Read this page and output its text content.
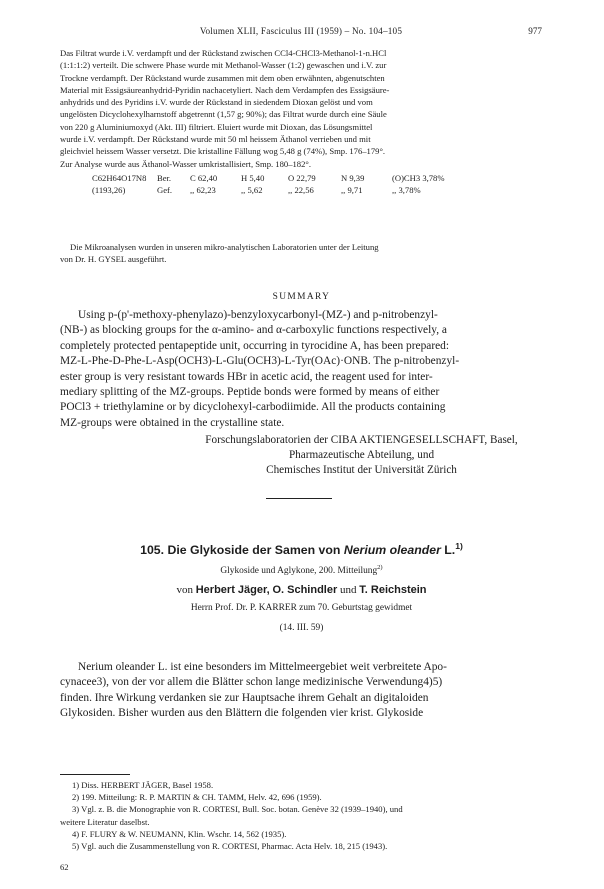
Volumen XLII, Fasciculus III (1959) – No. 104–105	977

Das Filtrat wurde i.V. verdampft und der Rückstand zwischen CCl4-CHCl3-Methanol-1-n.HCl

(1:1:1:2) verteilt. Die schwere Phase wurde mit Methanol-Wasser (1:2) gewaschen und i.V. zur

Trockne verdampft. Der Rückstand wurde zusammen mit dem oben erwähnten, abgenutschten

Material mit Essigsäureanhydrid-Pyridin nachacetyliert. Nach dem Verdampfen des Essigsäure-

anhydrids und des Pyridins i.V. wurde der Rückstand in siedendem Dioxan gelöst und vom

ungelösten Dicyclohexylharnstoff abgetrennt (1,57 g; 90%); das Filtrat wurde durch eine Säule

von 220 g Aluminiumoxyd (Akt. III) filtriert. Eluiert wurde mit Dioxan, das Lösungsmittel

wurde i.V. verdampft. Der Rückstand wurde mit 50 ml heissem Äthanol verrieben und mit

gleichviel heissem Wasser versetzt. Die kristalline Fällung wog 5,48 g (74%), Smp. 176–179°.

Zur Analyse wurde aus Äthanol-Wasser umkristallisiert, Smp. 180–182°.

C62H64O17N8	Ber.	C 62,40	H 5,40	O 22,79	N 9,39	(O)CH3 3,78%
(1193,26)	Gef.	,, 62,23	,, 5,62	,, 22,56	,, 9,71	,, 3,78%

Die Mikroanalysen wurden in unseren mikro-analytischen Laboratorien unter der Leitung

von Dr. H. GYSEL ausgeführt.

SUMMARY

Using p-(p'-methoxy-phenylazo)-benzyloxycarbonyl-(MZ-) and p-nitrobenzyl-

(NB-) as blocking groups for the α-amino- and α-carboxylic functions respectively, a

completely protected pentapeptide unit, occurring in tyrocidine A, has been prepared:

MZ-L-Phe-D-Phe-L-Asp(OCH3)-L-Glu(OCH3)-L-Tyr(OAc)·ONB. The p-nitrobenzyl-

ester group is very resistant towards HBr in acetic acid, the reagent used for inter-

mediary splitting of the MZ-groups. Peptide bonds were formed by means of either

POCl3 + triethylamine or by dicyclohexyl-carbodiimide. All the products containing

MZ-groups were obtained in the crystalline state.

Forschungslaboratorien der CIBA AKTIENGESELLSCHAFT, Basel,
Pharmazeutische Abteilung, und
Chemisches Institut der Universität Zürich
105. Die Glykoside der Samen von Nerium oleander L.$^{1)}$
Glykoside und Aglykone, 200. Mitteilung$^{2)}$
von Herbert Jäger, O. Schindler und T. Reichstein
Herrn Prof. Dr. P. KARRER zum 70. Geburtstag gewidmet
(14. III. 59)

Nerium oleander L. ist eine besonders im Mittelmeergebiet weit verbreitete Apo-

cynacee3), von der vor allem die Blätter schon lange medizinische Verwendung4)5)

finden. Ihre Wirkung verdanken sie zur Hauptsache ihrem Gehalt an digitaloiden

Glykosiden. Bisher wurden aus den Blättern die folgenden vier krist. Glykoside

1) Diss. HERBERT JÄGER, Basel 1958.

2) 199. Mitteilung: R. P. MARTIN & CH. TAMM, Helv. 42, 696 (1959).

3) Vgl. z. B. die Monographie von R. CORTESI, Bull. Soc. botan. Genève 32 (1939–1940), und

weitere Literatur daselbst.

4) F. FLURY & W. NEUMANN, Klin. Wschr. 14, 562 (1935).

5) Vgl. auch die Zusammenstellung von R. CORTESI, Pharmac. Acta Helv. 18, 215 (1943).

62
